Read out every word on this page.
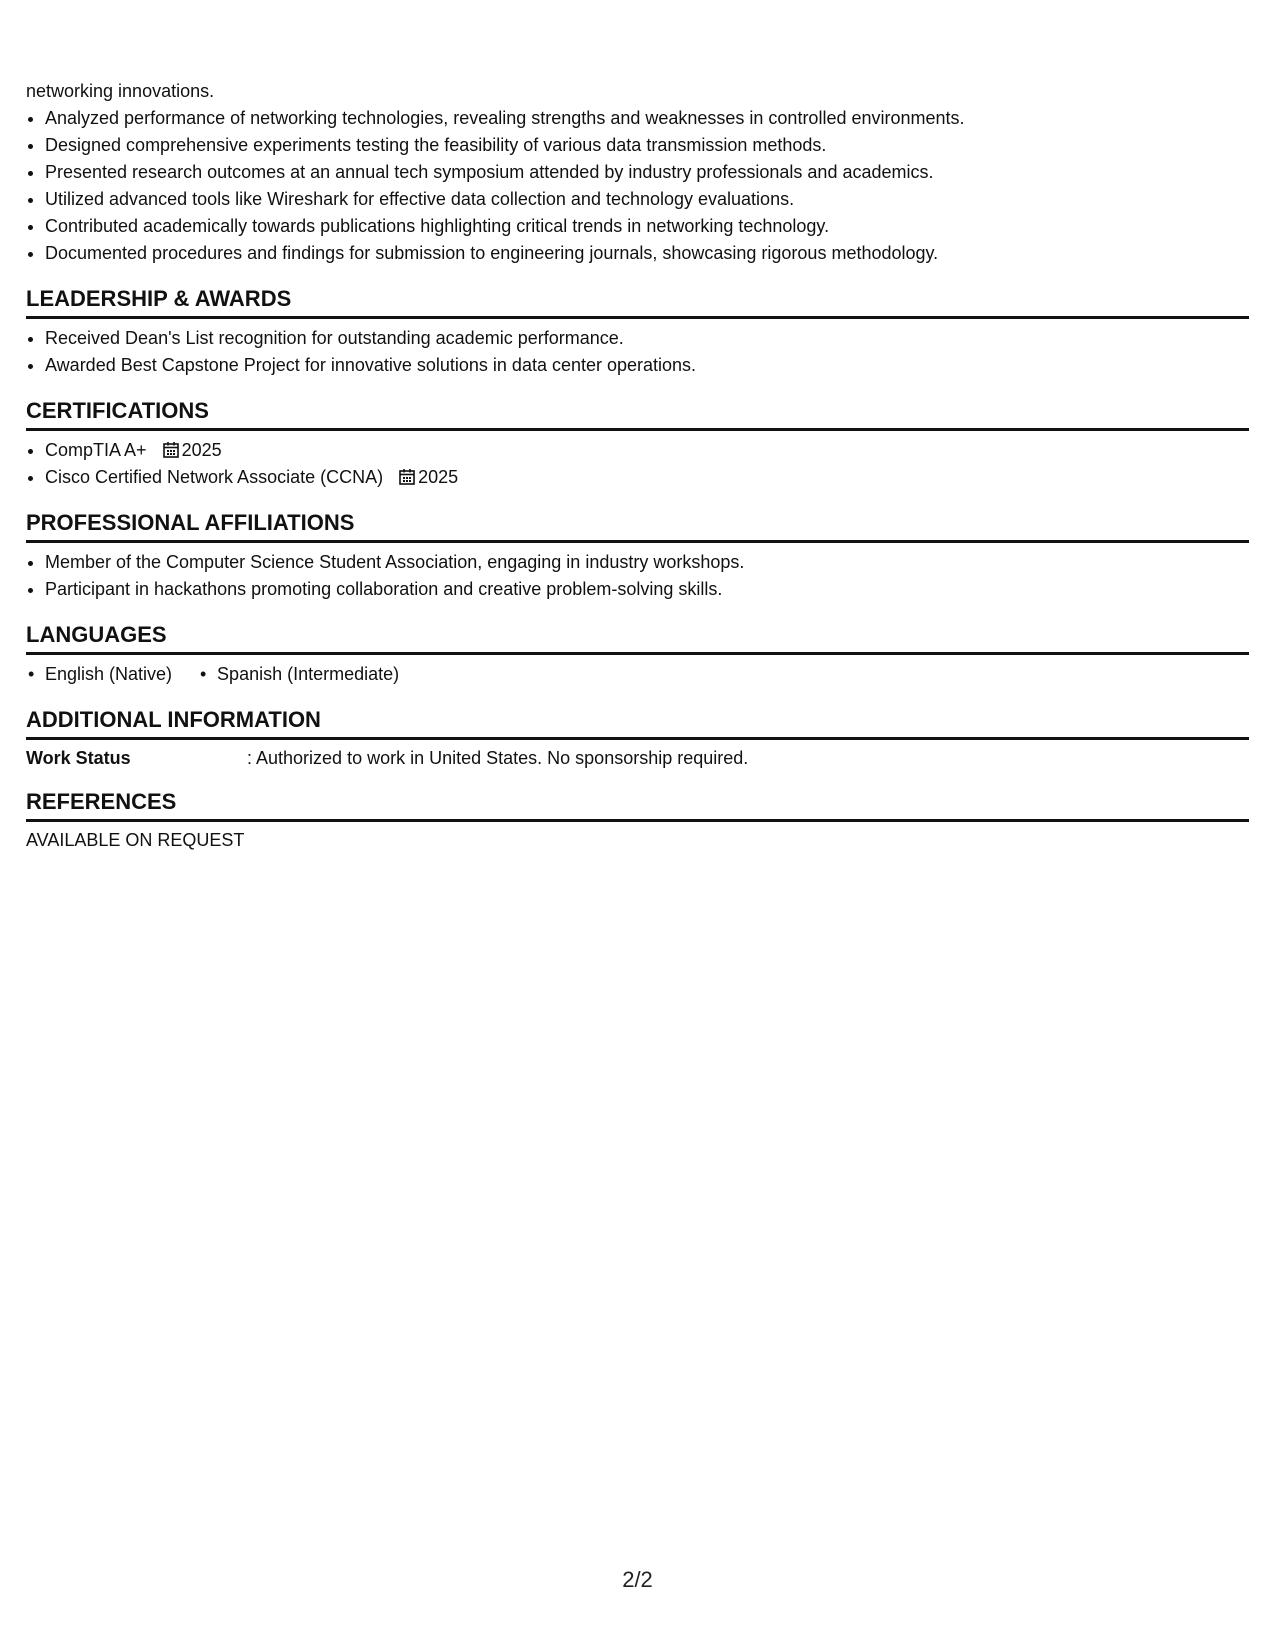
networking innovations.

• Analyzed performance of networking technologies, revealing strengths and weaknesses in controlled environments.
• Designed comprehensive experiments testing the feasibility of various data transmission methods.
• Presented research outcomes at an annual tech symposium attended by industry professionals and academics.
• Utilized advanced tools like Wireshark for effective data collection and technology evaluations.
• Contributed academically towards publications highlighting critical trends in networking technology.
• Documented procedures and findings for submission to engineering journals, showcasing rigorous methodology.
LEADERSHIP & AWARDS
• Received Dean's List recognition for outstanding academic performance.
• Awarded Best Capstone Project for innovative solutions in data center operations.
CERTIFICATIONS
• CompTIA A+ 2025
• Cisco Certified Network Associate (CCNA) 2025
PROFESSIONAL AFFILIATIONS
• Member of the Computer Science Student Association, engaging in industry workshops.
• Participant in hackathons promoting collaboration and creative problem-solving skills.
LANGUAGES
• English (Native)
•	Spanish (Intermediate)
ADDITIONAL INFORMATION
Work Status	: Authorized to work in United States. No sponsorship required.
REFERENCES

AVAILABLE ON REQUEST

2/2
